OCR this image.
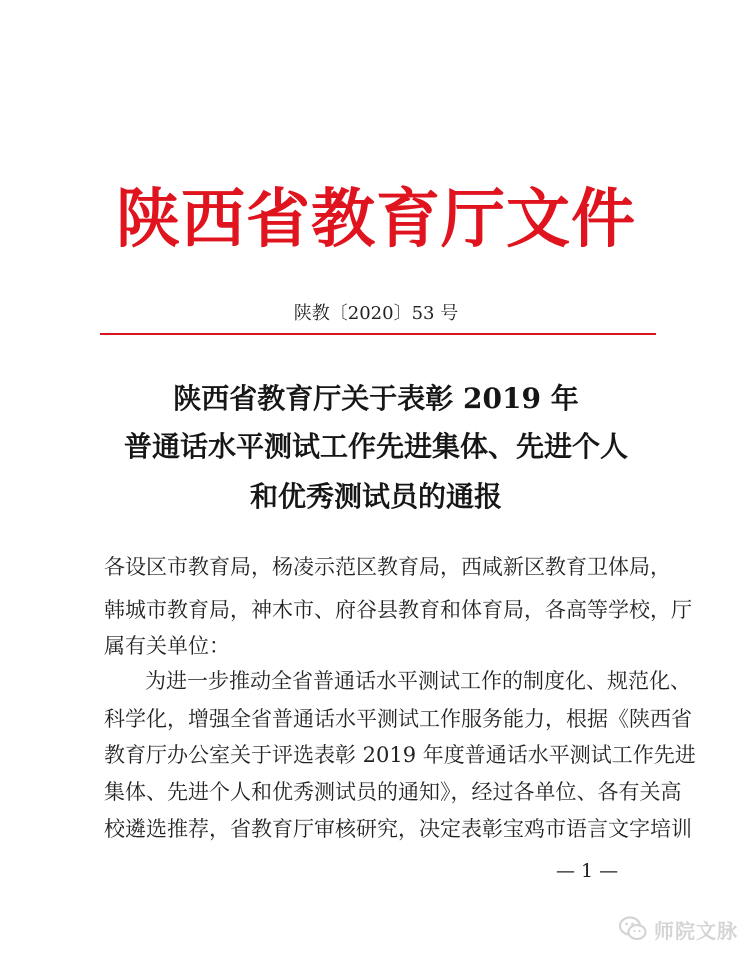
陕西省教育厅文件
陕教〔2020〕53 号
陕西省教育厅关于表彰 2019 年
普通话水平测试工作先进集体、先进个人
和优秀测试员的通报
各设区市教育局，杨凌示范区教育局，西咸新区教育卫体局，
韩城市教育局，神木市、府谷县教育和体育局，各高等学校，厅
属有关单位：
为进一步推动全省普通话水平测试工作的制度化、规范化、
科学化，增强全省普通话水平测试工作服务能力，根据《陕西省
教育厅办公室关于评选表彰 2019 年度普通话水平测试工作先进
集体、先进个人和优秀测试员的通知》，经过各单位、各有关高
校遴选推荐，省教育厅审核研究，决定表彰宝鸡市语言文字培训
— 1 —
师院文脉
